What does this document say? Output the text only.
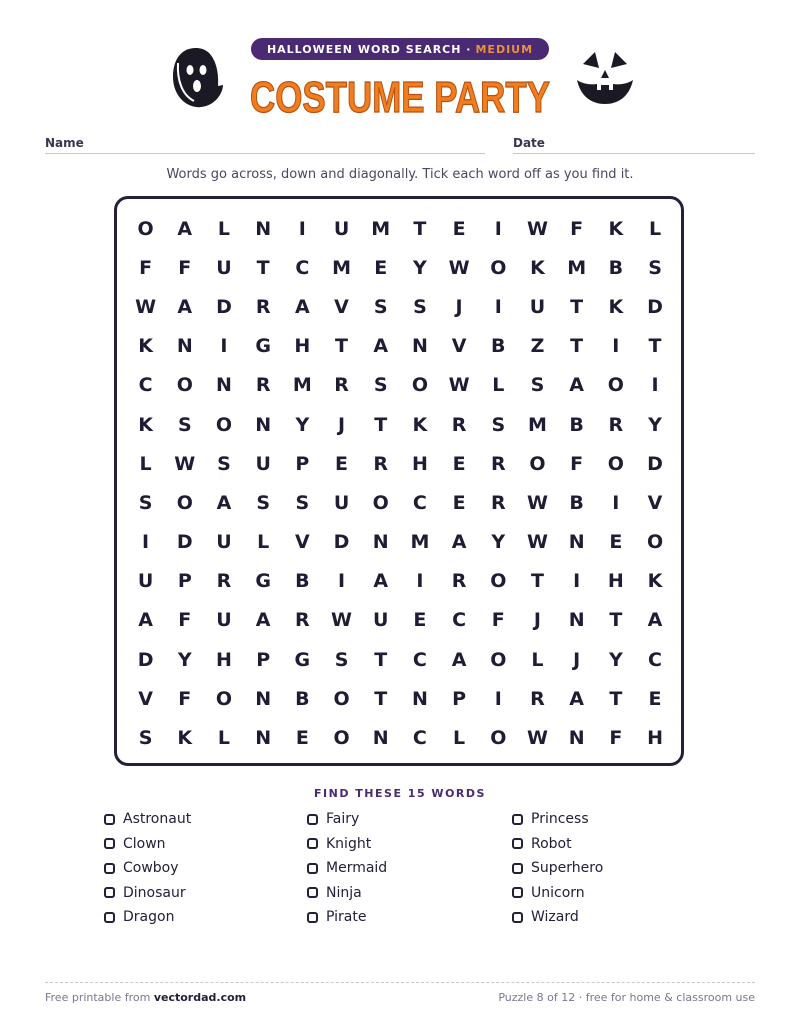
HALLOWEEN WORD SEARCH · MEDIUM
COSTUME PARTY
Name	Date
Words go across, down and diagonally. Tick each word off as you find it.
O	A	L	N	I	U	M	T	E	I	W	F	K	L
F	F	U	T	C	M	E	Y	W	O	K	M	B	S
W	A	D	R	A	V	S	S	J	I	U	T	K	D
K	N	I	G	H	T	A	N	V	B	Z	T	I	T
C	O	N	R	M	R	S	O	W	L	S	A	O	I
K	S	O	N	Y	J	T	K	R	S	M	B	R	Y
L	W	S	U	P	E	R	H	E	R	O	F	O	D
S	O	A	S	S	U	O	C	E	R	W	B	I	V
I	D	U	L	V	D	N	M	A	Y	W	N	E	O
U	P	R	G	B	I	A	I	R	O	T	I	H	K
A	F	U	A	R	W	U	E	C	F	J	N	T	A
D	Y	H	P	G	S	T	C	A	O	L	J	Y	C
V	F	O	N	B	O	T	N	P	I	R	A	T	E
S	K	L	N	E	O	N	C	L	O	W	N	F	H
FIND THESE 15 WORDS
Astronaut
Clown
Cowboy
Dinosaur
Dragon
Fairy
Knight
Mermaid
Ninja
Pirate
Princess
Robot
Superhero
Unicorn
Wizard
Free printable from vectordad.com	Puzzle 8 of 12 · free for home & classroom use
